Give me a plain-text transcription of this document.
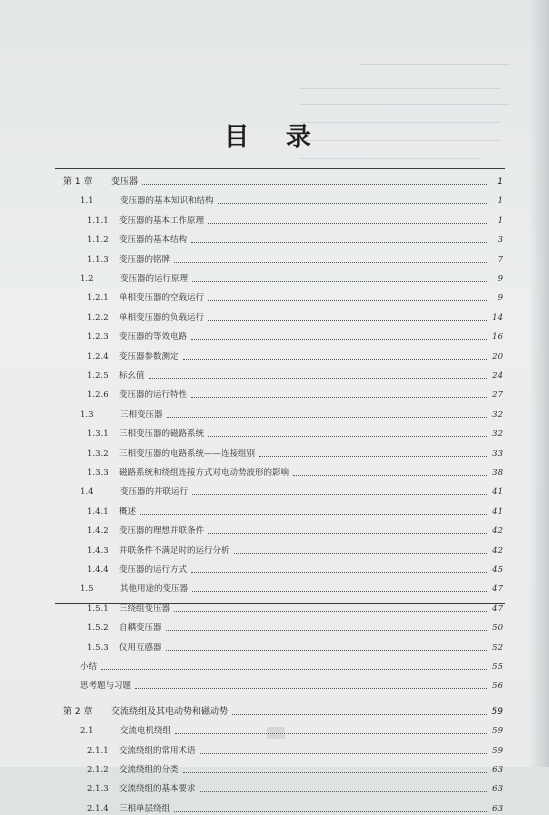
目 录
第 1 章	变压器	1
1.1	变压器的基本知识和结构	1
1.1.1	变压器的基本工作原理	1
1.1.2	变压器的基本结构	3
1.1.3	变压器的铭牌	7
1.2	变压器的运行原理	9
1.2.1	单相变压器的空载运行	9
1.2.2	单相变压器的负载运行	14
1.2.3	变压器的等效电路	16
1.2.4	变压器参数测定	20
1.2.5	标幺值	24
1.2.6	变压器的运行特性	27
1.3	三相变压器	32
1.3.1	三相变压器的磁路系统	32
1.3.2	三相变压器的电路系统——连接组别	33
1.3.3	磁路系统和绕组连接方式对电动势波形的影响	38
1.4	变压器的并联运行	41
1.4.1	概述	41
1.4.2	变压器的理想并联条件	42
1.4.3	并联条件不满足时的运行分析	42
1.4.4	变压器的运行方式	45
1.5	其他用途的变压器	47
1.5.1	三绕组变压器	47
1.5.2	自耦变压器	50
1.5.3	仪用互感器	52
小结	55
思考题与习题	56
第 2 章	交流绕组及其电动势和磁动势	59
2.1	交流电机绕组	59
2.1.1	交流绕组的常用术语	59
2.1.2	交流绕组的分类	63
2.1.3	交流绕组的基本要求	63
2.1.4	三相单层绕组	63
